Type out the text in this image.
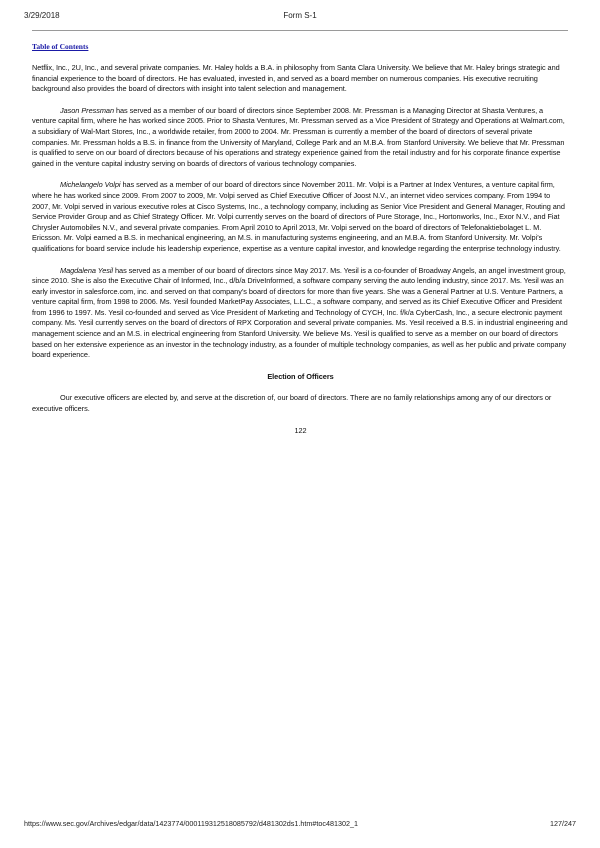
3/29/2018	Form S-1
Table of Contents

Netflix, Inc., 2U, Inc., and several private companies. Mr. Haley holds a B.A. in philosophy from Santa Clara University. We believe that Mr. Haley brings strategic and financial experience to the board of directors. He has evaluated, invested in, and served as a board member on numerous companies. His executive recruiting background also provides the board of directors with insight into talent selection and management.

Jason Pressman has served as a member of our board of directors since September 2008. Mr. Pressman is a Managing Director at Shasta Ventures, a venture capital firm, where he has worked since 2005. Prior to Shasta Ventures, Mr. Pressman served as a Vice President of Strategy and Operations at Walmart.com, a subsidiary of Wal-Mart Stores, Inc., a worldwide retailer, from 2000 to 2004. Mr. Pressman is currently a member of the board of directors of several private companies. Mr. Pressman holds a B.S. in finance from the University of Maryland, College Park and an M.B.A. from Stanford University. We believe that Mr. Pressman is qualified to serve on our board of directors because of his operations and strategy experience gained from the retail industry and for his corporate finance expertise gained in the venture capital industry serving on boards of directors of various technology companies.

Michelangelo Volpi has served as a member of our board of directors since November 2011. Mr. Volpi is a Partner at Index Ventures, a venture capital firm, where he has worked since 2009. From 2007 to 2009, Mr. Volpi served as Chief Executive Officer of Joost N.V., an internet video services company. From 1994 to 2007, Mr. Volpi served in various executive roles at Cisco Systems, Inc., a technology company, including as Senior Vice President and General Manager, Routing and Service Provider Group and as Chief Strategy Officer. Mr. Volpi currently serves on the board of directors of Pure Storage, Inc., Hortonworks, Inc., Exor N.V., and Fiat Chrysler Automobiles N.V., and several private companies. From April 2010 to April 2013, Mr. Volpi served on the board of directors of Telefonaktiebolaget L. M. Ericsson. Mr. Volpi earned a B.S. in mechanical engineering, an M.S. in manufacturing systems engineering, and an M.B.A. from Stanford University. Mr. Volpi’s qualifications for board service include his leadership experience, expertise as a venture capital investor, and knowledge regarding the enterprise technology industry.

Magdalena Yesil has served as a member of our board of directors since May 2017. Ms. Yesil is a co-founder of Broadway Angels, an angel investment group, since 2010. She is also the Executive Chair of Informed, Inc., d/b/a DriveInformed, a software company serving the auto lending industry, since 2017. Ms. Yesil was an early investor in salesforce.com, inc. and served on that company’s board of directors for more than five years. She was a General Partner at U.S. Venture Partners, a venture capital firm, from 1998 to 2006. Ms. Yesil founded MarketPay Associates, L.L.C., a software company, and served as its Chief Executive Officer and President from 1996 to 1997. Ms. Yesil co-founded and served as Vice President of Marketing and Technology of CYCH, Inc. f/k/a CyberCash, Inc., a secure electronic payment company. Ms. Yesil currently serves on the board of directors of RPX Corporation and several private companies. Ms. Yesil received a B.S. in industrial engineering and management science and an M.S. in electrical engineering from Stanford University. We believe Ms. Yesil is qualified to serve as a member on our board of directors based on her extensive experience as an investor in the technology industry, as a founder of multiple technology companies, as well as her public and private company board experience.

Election of Officers

Our executive officers are elected by, and serve at the discretion of, our board of directors. There are no family relationships among any of our directors or executive officers.

122
https://www.sec.gov/Archives/edgar/data/1423774/000119312518085792/d481302ds1.htm#toc481302_1	127/247
